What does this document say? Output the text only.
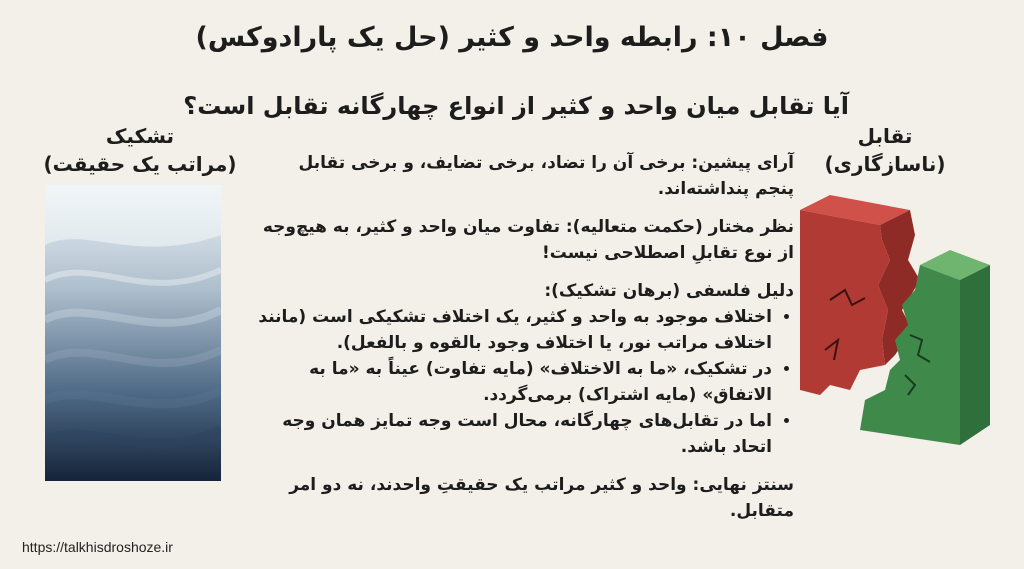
فصل ۱۰: رابطه واحد و کثیر (حل یک پارادوکس)
آیا تقابل میان واحد و کثیر از انواع چهارگانه تقابل است؟
تشکیک
(مراتب یک حقیقت)
تقابل
(ناسازگاری)

آرای پیشین: برخی آن را تضاد، برخی تضایف، و برخی تقابل پنجم پنداشته‌اند.

نظر مختار (حکمت متعالیه): تفاوت میان واحد و کثیر، به هیچ‌وجه از نوع تقابلِ اصطلاحی نیست!

دلیل فلسفی (برهان تشکیک):

• اختلاف موجود به واحد و کثیر، یک اختلاف تشکیکی است (مانند اختلاف مراتب نور، یا اختلاف وجود بالقوه و بالفعل).
• در تشکیک، «ما به الاختلاف» (مایه تفاوت) عیناً به «ما به الاتفاق» (مایه اشتراک) برمی‌گردد.
• اما در تقابل‌های چهارگانه، محال است وجه تمایز همان وجه اتحاد باشد.

سنتز نهایی: واحد و کثیر مراتب یک حقیقتِ واحدند، نه دو امر متقابل.

https://talkhisdroshoze.ir
